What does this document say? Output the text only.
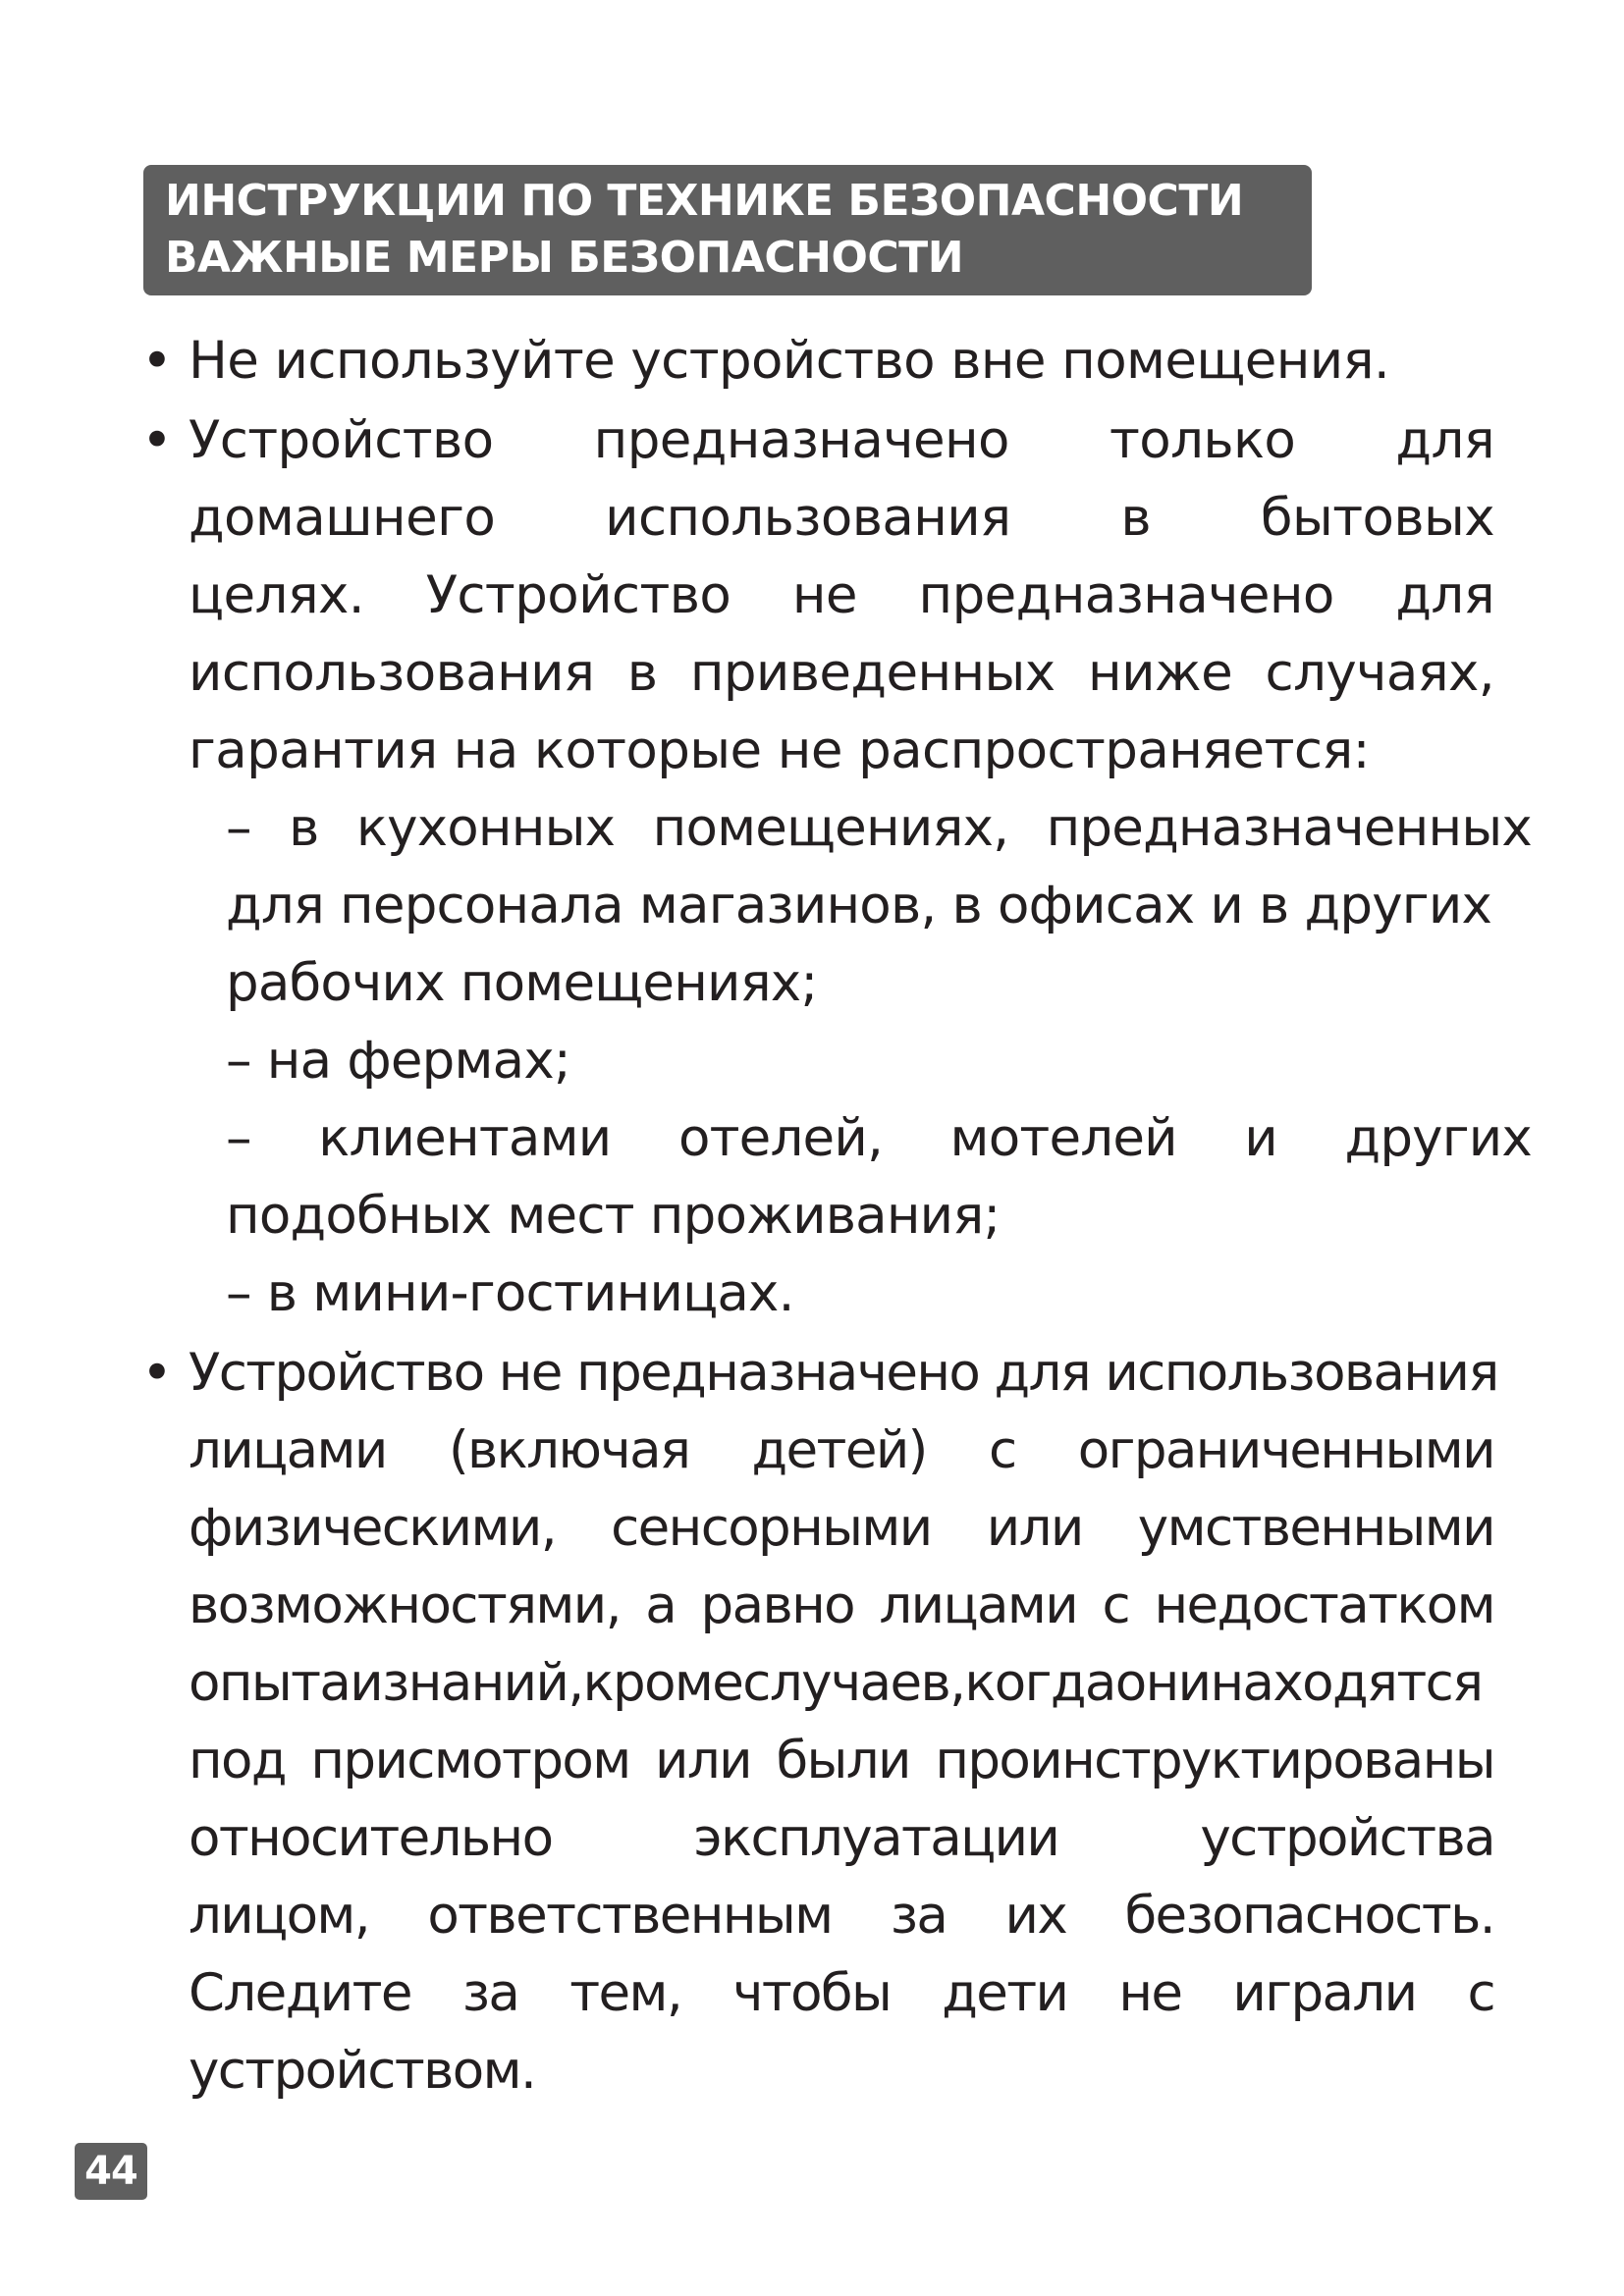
ИНСТРУКЦИИ ПО ТЕХНИКЕ БЕЗОПАСНОСТИ
ВАЖНЫЕ МЕРЫ БЕЗОПАСНОСТИ
• Не используйте устройство вне помещения.
• Устройство предназначено только для
домашнего использования в бытовых
целях. Устройство не предназначено для
использования в приведенных ниже случаях,
гарантия на которые не распространяется:
– в кухонных помещениях, предназначенных
для персонала магазинов, в офисах и в других
рабочих помещениях;
– на фермах;
– клиентами отелей, мотелей и других
подобных мест проживания;
– в мини-гостиницах.
• Устройство не предназначено для использования
лицами (включая детей) с ограниченными
физическими, сенсорными или умственными
возможностями, а равно лицами с недостатком
опытаизнаний,кромеслучаев,когдаонинаходятся
под присмотром или были проинструктированы
относительно эксплуатации устройства
лицом, ответственным за их безопасность.
Следите за тем, чтобы дети не играли с
устройством.
44
